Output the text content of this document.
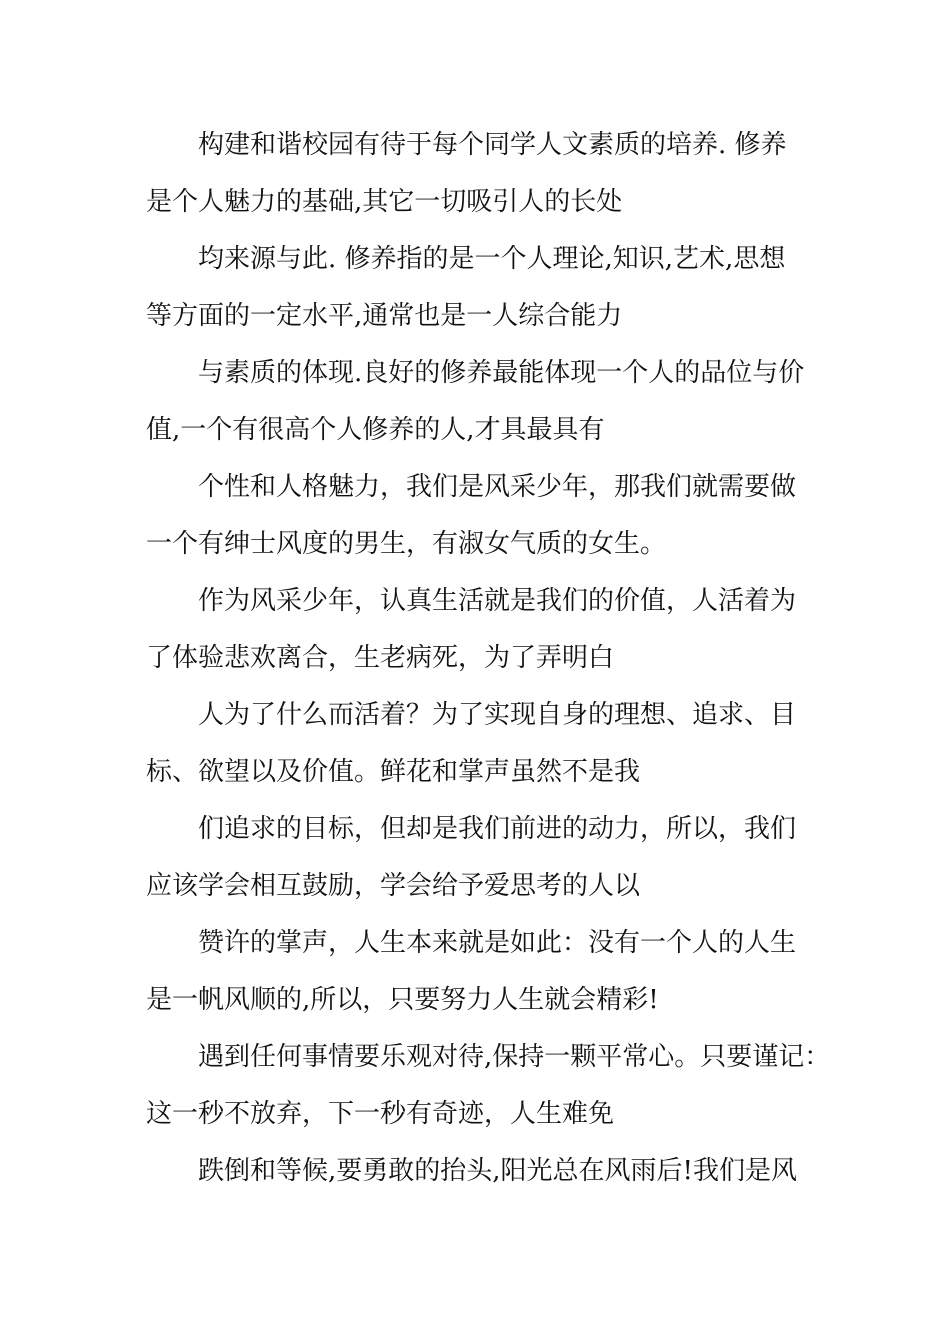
构建和谐校园有待于每个同学人文素质的培养. 修养
是个人魅力的基础,其它一切吸引人的长处

均来源与此. 修养指的是一个人理论,知识,艺术,思想
等方面的一定水平,通常也是一人综合能力

与素质的体现.良好的修养最能体现一个人的品位与价
值,一个有很高个人修养的人,才具最具有

个性和人格魅力，我们是风采少年，那我们就需要做
一个有绅士风度的男生，有淑女气质的女生。

作为风采少年，认真生活就是我们的价值，人活着为
了体验悲欢离合，生老病死，为了弄明白

人为了什么而活着？为了实现自身的理想、追求、目
标、欲望以及价值。鲜花和掌声虽然不是我

们追求的目标，但却是我们前进的动力，所以，我们
应该学会相互鼓励，学会给予爱思考的人以

赞许的掌声，人生本来就是如此：没有一个人的人生
是一帆风顺的,所以，只要努力人生就会精彩!

遇到任何事情要乐观对待,保持一颗平常心。只要谨记：
这一秒不放弃，下一秒有奇迹，人生难免

跌倒和等候,要勇敢的抬头,阳光总在风雨后!我们是风
